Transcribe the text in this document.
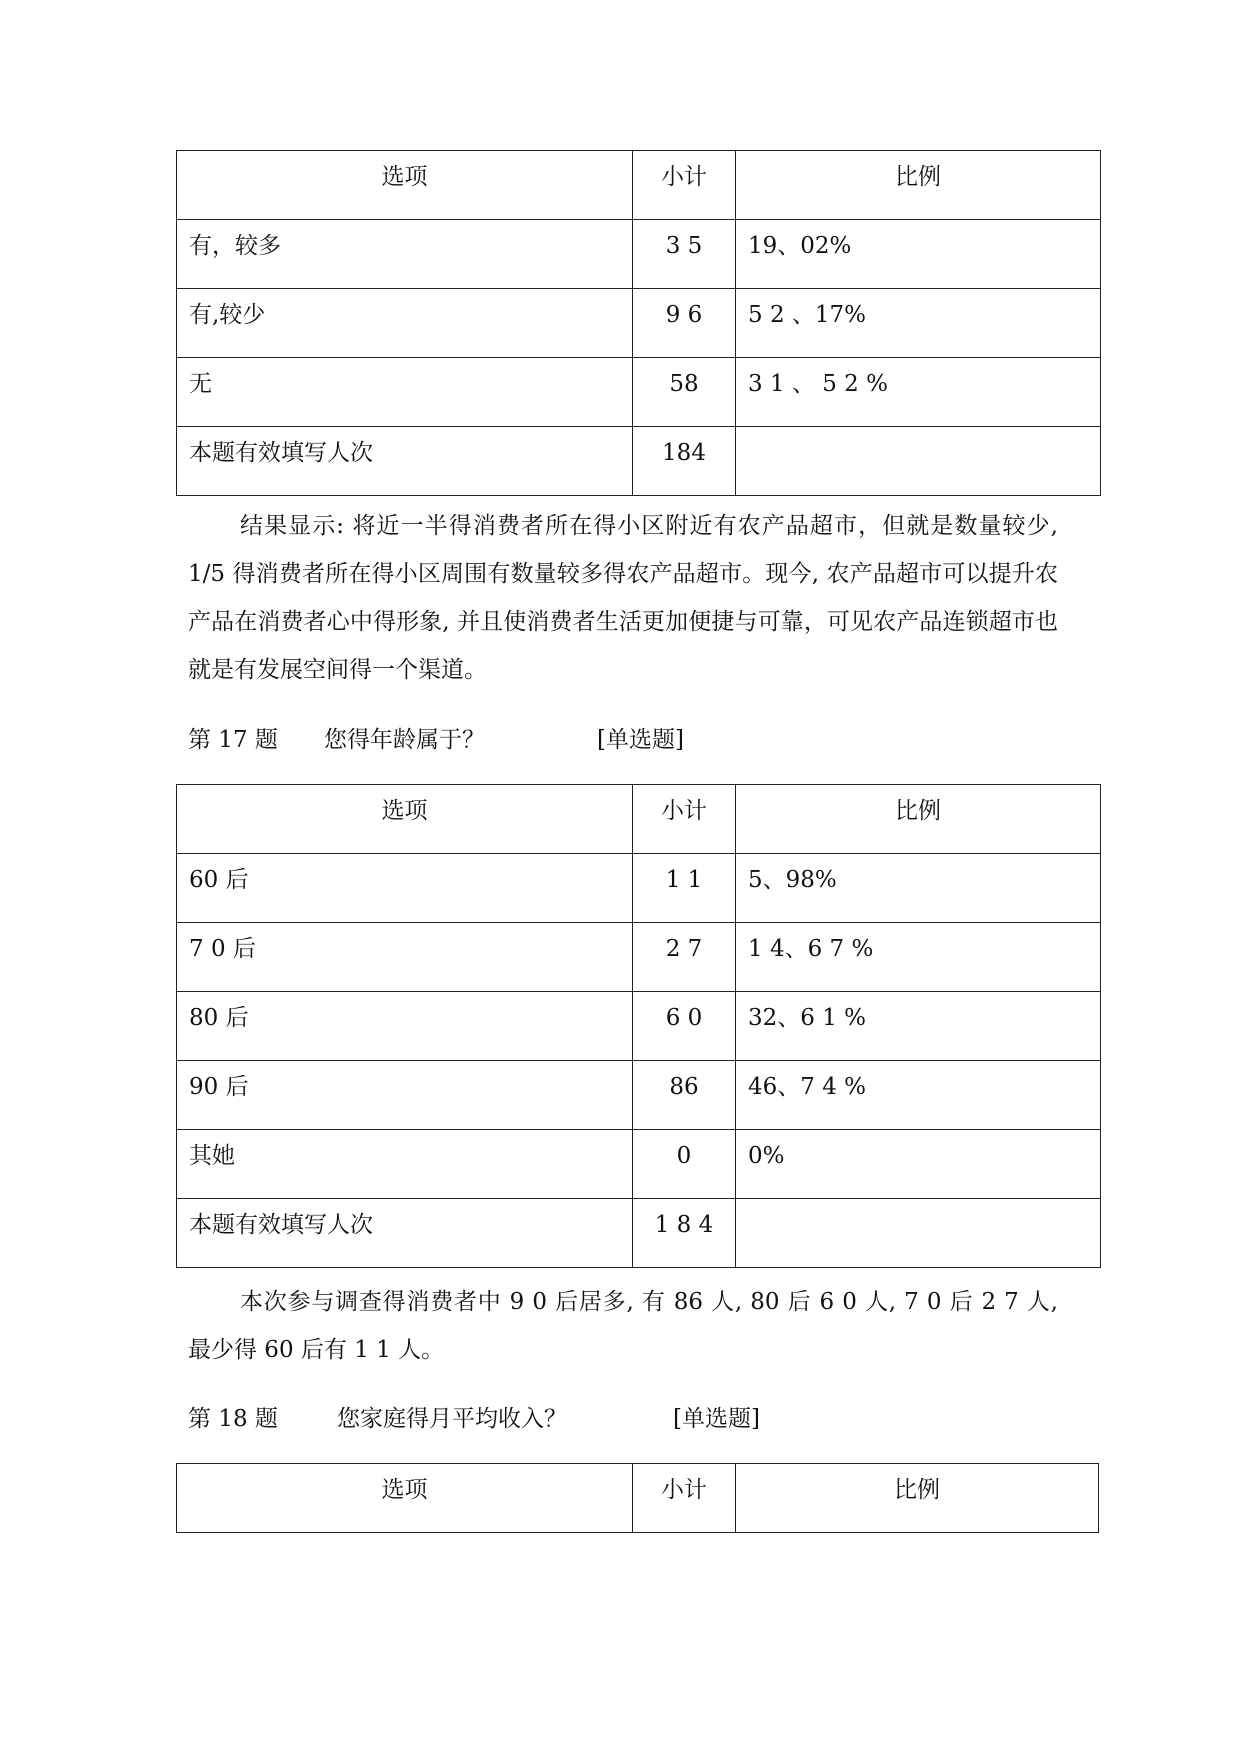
选项	小计	比例
有，较多	3 5	19、02%
有,较少	9 6	5 2 、17%
无	58	3 1 、 5 2 %
本题有效填写人次	184	

结果显示: 将近一半得消费者所在得小区附近有农产品超市，但就是数量较少, 1/5 得消费者所在得小区周围有数量较多得农产品超市。现今, 农产品超市可以提升农产品在消费者心中得形象, 并且使消费者生活更加便捷与可靠，可见农产品连锁超市也就是有发展空间得一个渠道。

第 17 题 您得年龄属于？	[单选题]
选项	小计	比例
60 后	1 1	5、98%
7 0 后	2 7	1 4、6 7 %
80 后	6 0	32、6 1 %
90 后	86	46、7 4 %
其她	0	0%
本题有效填写人次	1 8 4	

本次参与调查得消费者中 9 0 后居多, 有 86 人, 80 后 6 0 人, 7 0 后 2 7 人, 最少得 60 后有 1 1 人。

第 18 题	您家庭得月平均收入？	[单选题]
选项	小计	比例
